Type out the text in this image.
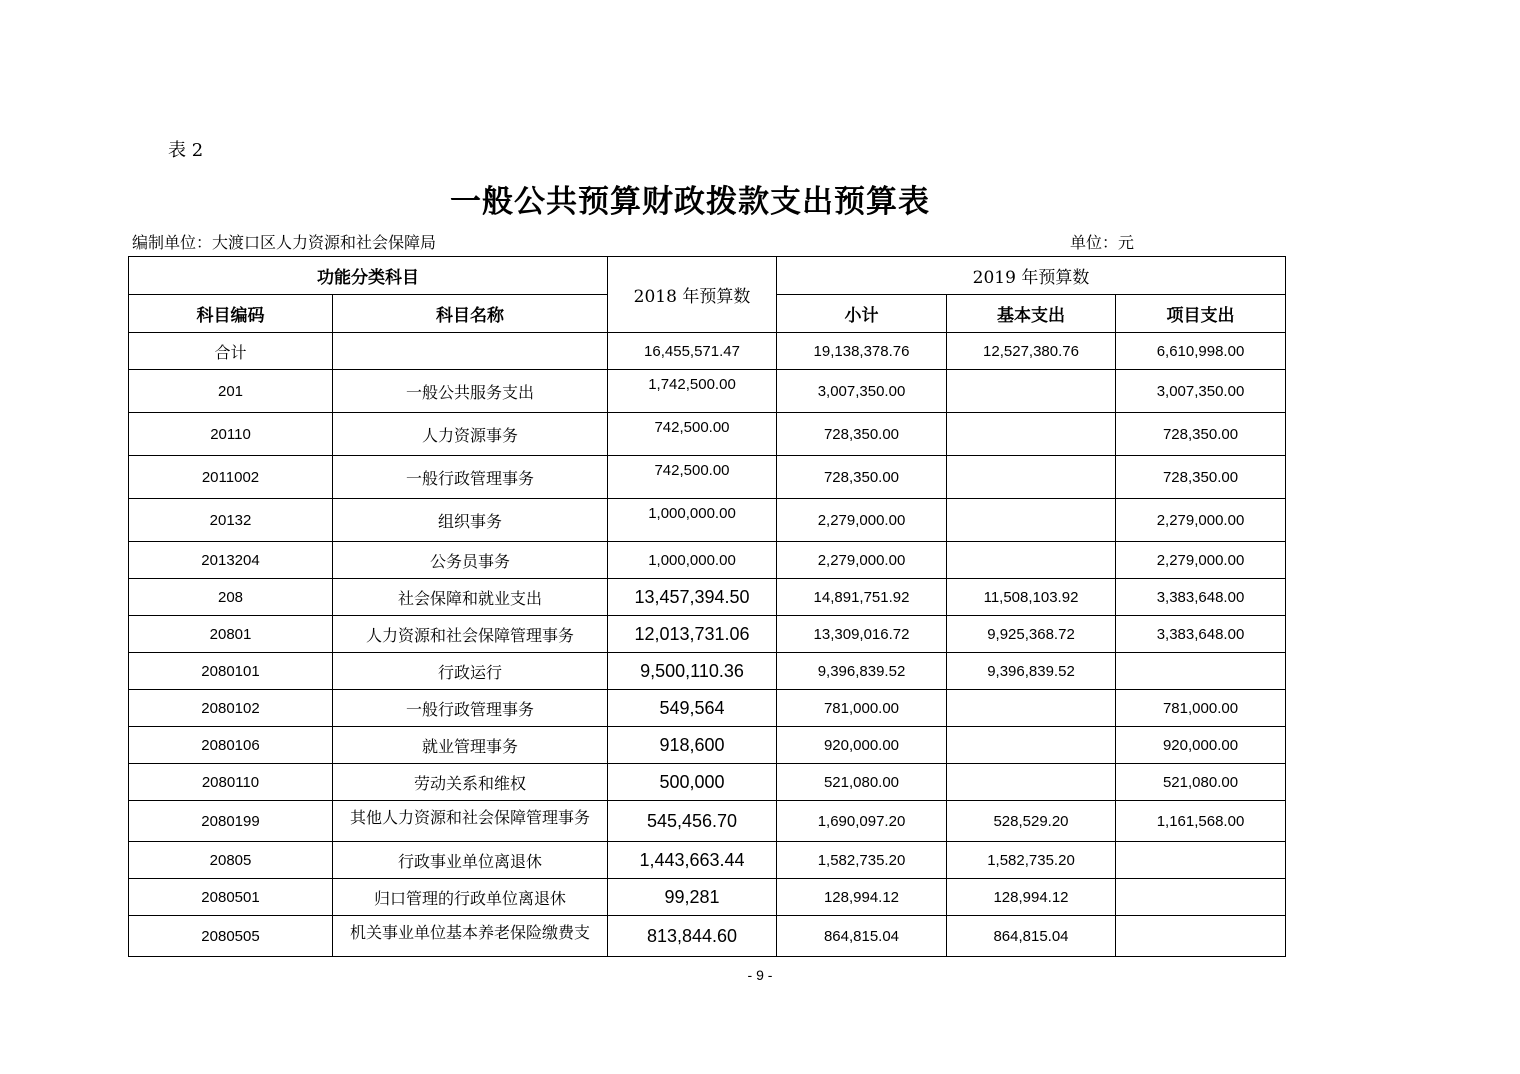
表 2
一般公共预算财政拨款支出预算表
编制单位：大渡口区人力资源和社会保障局	单位：元
功能分类科目		2018 年预算数	2019 年预算数		
科目编码	科目名称		小计	基本支出	项目支出
合计		16,455,571.47	19,138,378.76	12,527,380.76	6,610,998.00
201	一般公共服务支出	1,742,500.00	3,007,350.00		3,007,350.00
20110	人力资源事务	742,500.00	728,350.00		728,350.00
2011002	一般行政管理事务	742,500.00	728,350.00		728,350.00
20132	组织事务	1,000,000.00	2,279,000.00		2,279,000.00
2013204	公务员事务	1,000,000.00	2,279,000.00		2,279,000.00
208	社会保障和就业支出	13,457,394.50	14,891,751.92	11,508,103.92	3,383,648.00
20801	人力资源和社会保障管理事务	12,013,731.06	13,309,016.72	9,925,368.72	3,383,648.00
2080101	行政运行	9,500,110.36	9,396,839.52	9,396,839.52	
2080102	一般行政管理事务	549,564	781,000.00		781,000.00
2080106	就业管理事务	918,600	920,000.00		920,000.00
2080110	劳动关系和维权	500,000	521,080.00		521,080.00
2080199	其他人力资源和社会保障管理事务	545,456.70	1,690,097.20	528,529.20	1,161,568.00
20805	行政事业单位离退休	1,443,663.44	1,582,735.20	1,582,735.20	
2080501	归口管理的行政单位离退休	99,281	128,994.12	128,994.12	
2080505	机关事业单位基本养老保险缴费支	813,844.60	864,815.04	864,815.04	
- 9 -
